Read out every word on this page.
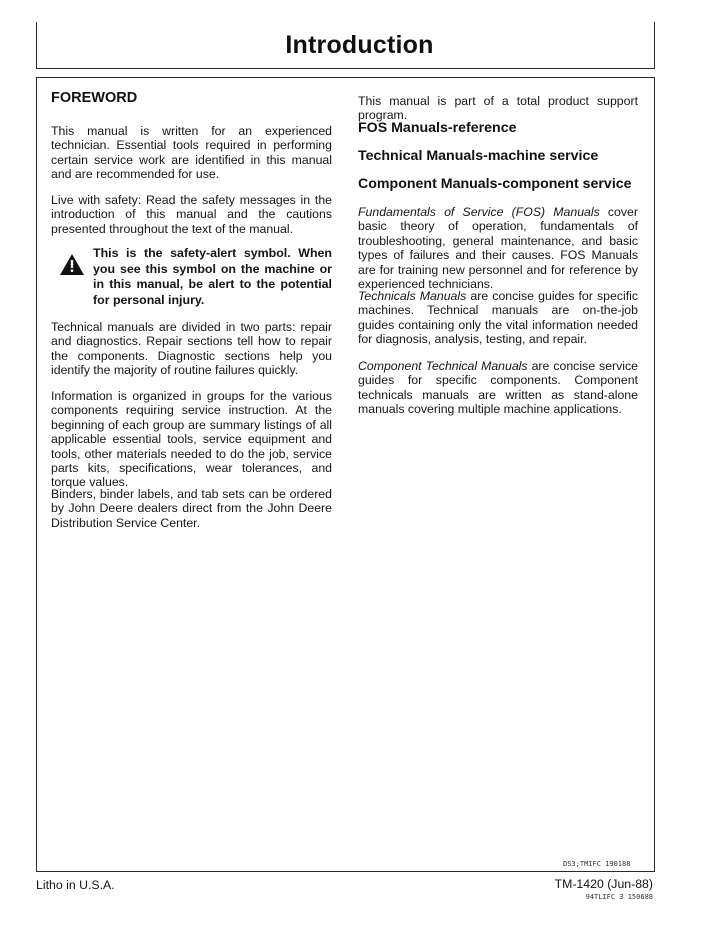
Introduction
FOREWORD

This manual is written for an experienced technician. Essential tools required in performing certain service work are identified in this manual and are recommended for use.

Live with safety: Read the safety messages in the introduction of this manual and the cautions presented throughout the text of the manual.

This is the safety-alert symbol. When you see this symbol on the machine or in this manual, be alert to the potential for personal injury.

Technical manuals are divided in two parts: repair and diagnostics. Repair sections tell how to repair the components. Diagnostic sections help you identify the majority of routine failures quickly.

Information is organized in groups for the various components requiring service instruction. At the beginning of each group are summary listings of all applicable essential tools, service equipment and tools, other materials needed to do the job, service parts kits, specifications, wear tolerances, and torque values.

Binders, binder labels, and tab sets can be ordered by John Deere dealers direct from the John Deere Distribution Service Center.

This manual is part of a total product support program.

FOS Manuals-reference
Technical Manuals-machine service
Component Manuals-component service

Fundamentals of Service (FOS) Manuals cover basic theory of operation, fundamentals of troubleshooting, general maintenance, and basic types of failures and their causes. FOS Manuals are for training new personnel and for reference by experienced technicians.

Technicals Manuals are concise guides for specific machines. Technical manuals are on-the-job guides containing only the vital information needed for diagnosis, analysis, testing, and repair.

Component Technical Manuals are concise service guides for specific components. Component technicals manuals are written as stand-alone manuals covering multiple machine applications.

DS3;TMIFC 190188
Litho in U.S.A.	TM-1420 (Jun-88)
94TLIFC 3 150688
